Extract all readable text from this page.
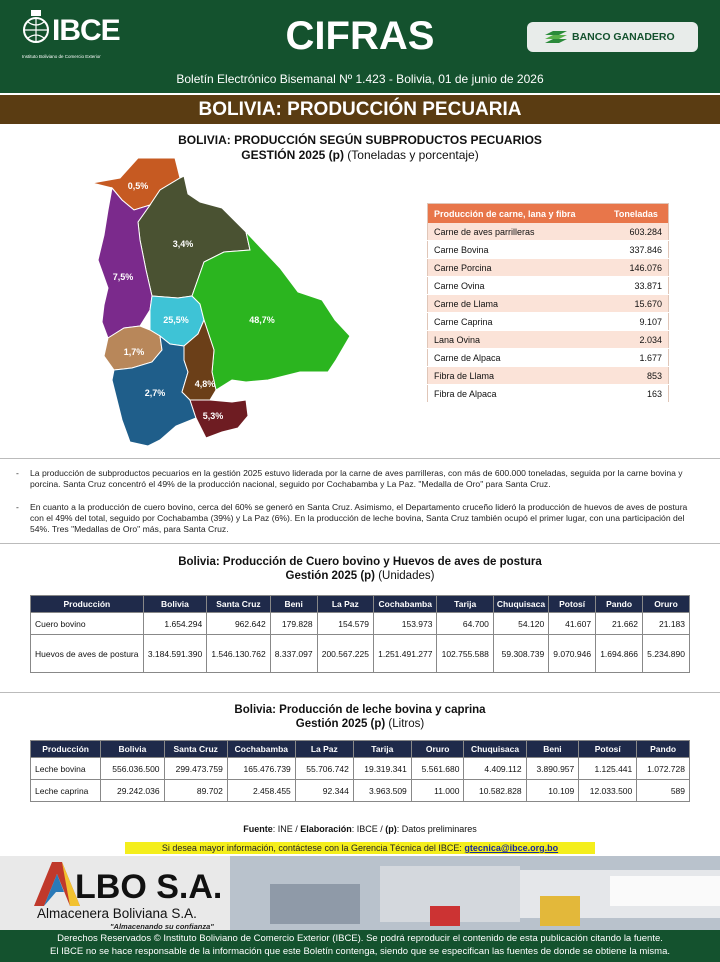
IBCE
Instituto Boliviano de Comercio Exterior	CIFRAS	BANCO GANADERO
Boletín Electrónico Bisemanal Nº 1.423 - Bolivia, 01 de junio de 2026
BOLIVIA: PRODUCCIÓN PECUARIA
BOLIVIA: PRODUCCIÓN SEGÚN SUBPRODUCTOS PECUARIOS
GESTIÓN 2025 (p) (Toneladas y porcentaje)
0,5%
3,4%
7,5%
25,5%	48,7%
1,7%
2,7%
4,8%
5,3%
Producción de carne, lana y fibra	Toneladas
Carne de aves parrilleras	603.284
Carne Bovina	337.846
Carne Porcina	146.076
Carne Ovina	33.871
Carne de Llama	15.670
Carne Caprina	9.107
Lana Ovina	2.034
Carne de Alpaca	1.677
Fibra de Llama	853
Fibra de Alpaca	163
- La producción de subproductos pecuarios en la gestión 2025 estuvo liderada por la carne de aves parrilleras, con más de 600.000 toneladas, seguida por la carne bovina y porcina. Santa Cruz concentró el 49% de la producción nacional, seguido por Cochabamba y La Paz. "Medalla de Oro" para Santa Cruz.
- En cuanto a la producción de cuero bovino, cerca del 60% se generó en Santa Cruz. Asimismo, el Departamento cruceño lideró la producción de huevos de aves de postura con el 49% del total, seguido por Cochabamba (39%) y La Paz (6%). En la producción de leche bovina, Santa Cruz también ocupó el primer lugar, con una participación del 54%. Tres "Medallas de Oro" más, para Santa Cruz.
Bolivia: Producción de Cuero bovino y Huevos de aves de postura
Gestión 2025 (p) (Unidades)
Producción	Bolivia	Santa Cruz	Beni	La Paz	Cochabamba	Tarija	Chuquisaca	Potosí	Pando	Oruro
Cuero bovino	1.654.294	962.642	179.828	154.579	153.973	64.700	54.120	41.607	21.662	21.183
Huevos de aves de postura	3.184.591.390	1.546.130.762	8.337.097	200.567.225	1.251.491.277	102.755.588	59.308.739	9.070.946	1.694.866	5.234.890
Bolivia: Producción de leche bovina y caprina
Gestión 2025 (p) (Litros)
Producción	Bolivia	Santa Cruz	Cochabamba	La Paz	Tarija	Oruro	Chuquisaca	Beni	Potosí	Pando
Leche bovina	556.036.500	299.473.759	165.476.739	55.706.742	19.319.341	5.561.680	4.409.112	3.890.957	1.125.441	1.072.728
Leche caprina	29.242.036	89.702	2.458.455	92.344	3.963.509	11.000	10.582.828	10.109	12.033.500	589
Fuente: INE / Elaboración: IBCE / (p): Datos preliminares
Si desea mayor información, contáctese con la Gerencia Técnica del IBCE: gtecnica@ibce.org.bo
LBO S.A.
Almacenera Boliviana S.A.
"Almacenando su confianza"
Derechos Reservados © Instituto Boliviano de Comercio Exterior (IBCE). Se podrá reproducir el contenido de esta publicación citando la fuente.
El IBCE no se hace responsable de la información que este Boletín contenga, siendo que se especifican las fuentes de donde se obtiene la misma.
